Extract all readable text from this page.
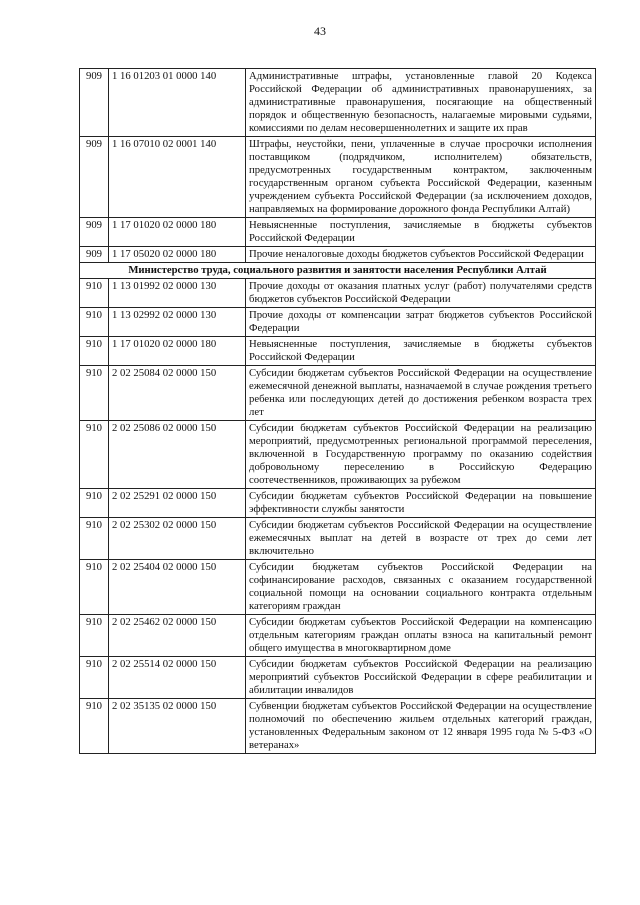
43
909	1 16 01203 01 0000 140	Административные штрафы, установленные главой 20 Кодекса Российской Федерации об административных правонарушениях, за административные правонарушения, посягающие на общественный порядок и общественную безопасность, налагаемые мировыми судьями, комиссиями по делам несовершеннолетних и защите их прав
909	1 16 07010 02 0001 140	Штрафы, неустойки, пени, уплаченные в случае просрочки исполнения поставщиком (подрядчиком, исполнителем) обязательств, предусмотренных государственным контрактом, заключенным государственным органом субъекта Российской Федерации, казенным учреждением субъекта Российской Федерации (за исключением доходов, направляемых на формирование дорожного фонда Республики Алтай)
909	1 17 01020 02 0000 180	Невыясненные поступления, зачисляемые в бюджеты субъектов Российской Федерации
909	1 17 05020 02 0000 180	Прочие неналоговые доходы бюджетов субъектов Российской Федерации
Министерство труда, социального развития и занятости населения Республики Алтай		
910	1 13 01992 02 0000 130	Прочие доходы от оказания платных услуг (работ) получателями средств бюджетов субъектов Российской Федерации
910	1 13 02992 02 0000 130	Прочие доходы от компенсации затрат бюджетов субъектов Российской Федерации
910	1 17 01020 02 0000 180	Невыясненные поступления, зачисляемые в бюджеты субъектов Российской Федерации
910	2 02 25084 02 0000 150	Субсидии бюджетам субъектов Российской Федерации на осуществление ежемесячной денежной выплаты, назначаемой в случае рождения третьего ребенка или последующих детей до достижения ребенком возраста трех лет
910	2 02 25086 02 0000 150	Субсидии бюджетам субъектов Российской Федерации на реализацию мероприятий, предусмотренных региональной программой переселения, включенной в Государственную программу по оказанию содействия добровольному переселению в Российскую Федерацию соотечественников, проживающих за рубежом
910	2 02 25291 02 0000 150	Субсидии бюджетам субъектов Российской Федерации на повышение эффективности службы занятости
910	2 02 25302 02 0000 150	Субсидии бюджетам субъектов Российской Федерации на осуществление ежемесячных выплат на детей в возрасте от трех до семи лет включительно
910	2 02 25404 02 0000 150	Субсидии бюджетам субъектов Российской Федерации на софинансирование расходов, связанных с оказанием государственной социальной помощи на основании социального контракта отдельным категориям граждан
910	2 02 25462 02 0000 150	Субсидии бюджетам субъектов Российской Федерации на компенсацию отдельным категориям граждан оплаты взноса на капитальный ремонт общего имущества в многоквартирном доме
910	2 02 25514 02 0000 150	Субсидии бюджетам субъектов Российской Федерации на реализацию мероприятий субъектов Российской Федерации в сфере реабилитации и абилитации инвалидов
910	2 02 35135 02 0000 150	Субвенции бюджетам субъектов Российской Федерации на осуществление полномочий по обеспечению жильем отдельных категорий граждан, установленных Федеральным законом от 12 января 1995 года № 5-ФЗ «О ветеранах»
